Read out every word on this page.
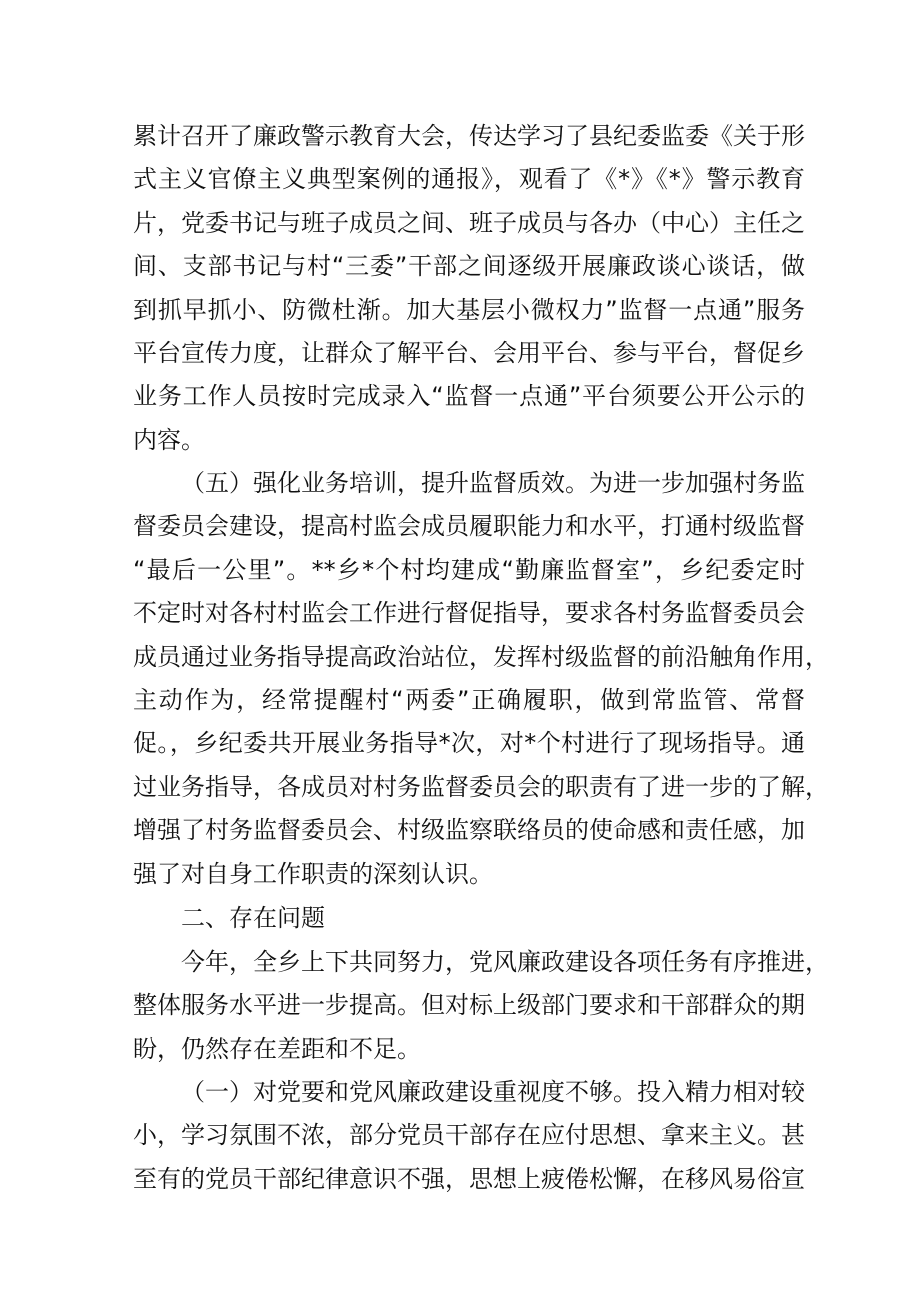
累计召开了廉政警示教育大会，传达学习了县纪委监委《关于形
式主义官僚主义典型案例的通报》，观看了《*》《*》警示教育
片，党委书记与班子成员之间、班子成员与各办（中心）主任之
间、支部书记与村“三委”干部之间逐级开展廉政谈心谈话，做
到抓早抓小、防微杜渐。加大基层小微权力”监督一点通”服务
平台宣传力度，让群众了解平台、会用平台、参与平台，督促乡
业务工作人员按时完成录入“监督一点通”平台须要公开公示的
内容。
（五）强化业务培训，提升监督质效。为进一步加强村务监
督委员会建设，提高村监会成员履职能力和水平，打通村级监督
“最后一公里”。**乡*个村均建成“勤廉监督室”，乡纪委定时
不定时对各村村监会工作进行督促指导，要求各村务监督委员会
成员通过业务指导提高政治站位，发挥村级监督的前沿触角作用，
主动作为，经常提醒村“两委”正确履职，做到常监管、常督
促。，乡纪委共开展业务指导*次，对*个村进行了现场指导。通
过业务指导，各成员对村务监督委员会的职责有了进一步的了解，
增强了村务监督委员会、村级监察联络员的使命感和责任感，加
强了对自身工作职责的深刻认识。
二、存在问题
今年，全乡上下共同努力，党风廉政建设各项任务有序推进，
整体服务水平进一步提高。但对标上级部门要求和干部群众的期
盼，仍然存在差距和不足。
（一）对党要和党风廉政建设重视度不够。投入精力相对较
小，学习氛围不浓，部分党员干部存在应付思想、拿来主义。甚
至有的党员干部纪律意识不强，思想上疲倦松懈，在移风易俗宣
